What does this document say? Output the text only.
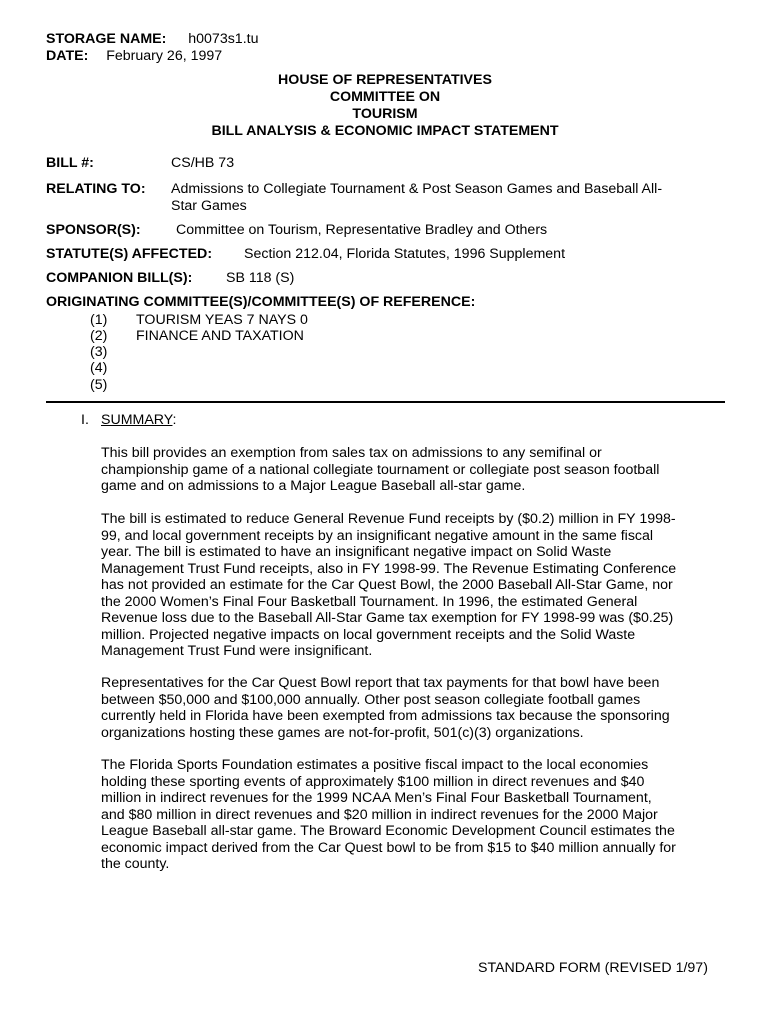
STORAGE NAME: h0073s1.tu
DATE: February 26, 1997
HOUSE OF REPRESENTATIVES
COMMITTEE ON
TOURISM
BILL ANALYSIS & ECONOMIC IMPACT STATEMENT
BILL #:	CS/HB 73
RELATING TO: Admissions to Collegiate Tournament & Post Season Games and Baseball All-
Star Games
SPONSOR(S): Committee on Tourism, Representative Bradley and Others
STATUTE(S) AFFECTED: Section 212.04, Florida Statutes, 1996 Supplement
COMPANION BILL(S): SB 118 (S)
ORIGINATING COMMITTEE(S)/COMMITTEE(S) OF REFERENCE:
(1) TOURISM YEAS 7 NAYS 0
(2) FINANCE AND TAXATION
(3)
(4)
(5)
I. SUMMARY:
This bill provides an exemption from sales tax on admissions to any semifinal or
championship game of a national collegiate tournament or collegiate post season football
game and on admissions to a Major League Baseball all-star game.
The bill is estimated to reduce General Revenue Fund receipts by ($0.2) million in FY 1998-
99, and local government receipts by an insignificant negative amount in the same fiscal
year. The bill is estimated to have an insignificant negative impact on Solid Waste
Management Trust Fund receipts, also in FY 1998-99. The Revenue Estimating Conference
has not provided an estimate for the Car Quest Bowl, the 2000 Baseball All-Star Game, nor
the 2000 Women’s Final Four Basketball Tournament. In 1996, the estimated General
Revenue loss due to the Baseball All-Star Game tax exemption for FY 1998-99 was ($0.25)
million. Projected negative impacts on local government receipts and the Solid Waste
Management Trust Fund were insignificant.
Representatives for the Car Quest Bowl report that tax payments for that bowl have been
between $50,000 and $100,000 annually. Other post season collegiate football games
currently held in Florida have been exempted from admissions tax because the sponsoring
organizations hosting these games are not-for-profit, 501(c)(3) organizations.
The Florida Sports Foundation estimates a positive fiscal impact to the local economies
holding these sporting events of approximately $100 million in direct revenues and $40
million in indirect revenues for the 1999 NCAA Men’s Final Four Basketball Tournament,
and $80 million in direct revenues and $20 million in indirect revenues for the 2000 Major
League Baseball all-star game. The Broward Economic Development Council estimates the
economic impact derived from the Car Quest bowl to be from $15 to $40 million annually for
the county.
STANDARD FORM (REVISED 1/97)
